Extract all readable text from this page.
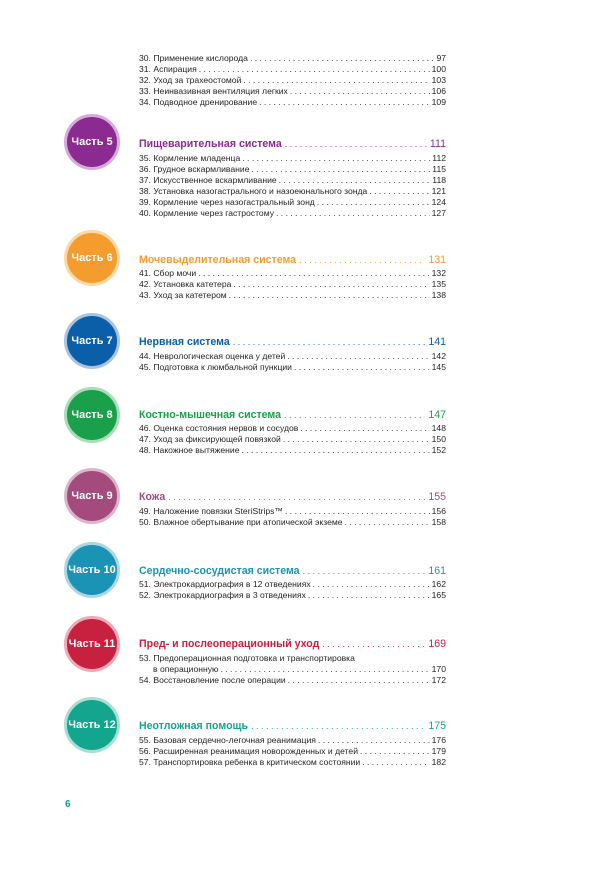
30. Применение кислорода . . .	97
31. Аспирация . . .	100
32. Уход за трахеостомой . . .	103
33. Неинвазивная вентиляция легких . . .	106
34. Подводное дренирование . . .	109
Часть 5 Пищеварительная система . . .	111
35. Кормление младенца . . .	112
36. Грудное вскармливание . . .	115
37. Искусственное вскармливание . . .	118
38. Установка назогастрального и назоеюнального зонда . . .	121
39. Кормление через назогастральный зонд . . .	124
40. Кормление через гастростому . . .	127
Часть 6 Мочевыделительная система . . .	131
41. Сбор мочи . . .	132
42. Установка катетера . . .	135
43. Уход за катетером . . .	138
Часть 7 Нервная система . . .	141
44. Неврологическая оценка у детей . . .	142
45. Подготовка к люмбальной пункции . . .	145
Часть 8 Костно-мышечная система . . .	147
46. Оценка состояния нервов и сосудов . . .	148
47. Уход за фиксирующей повязкой . . .	150
48. Накожное вытяжение . . .	152
Часть 9 Кожа . . .	155
49. Наложение повязки SteriStrips™ . . .	156
50. Влажное обертывание при атопической экземе . . .	158
Часть 10 Сердечно-сосудистая система . . .	161
51. Электрокардиография в 12 отведениях . . .	162
52. Электрокардиография в 3 отведениях . . .	165
Часть 11 Пред- и послеоперационный уход . . .	169
53. Предоперационная подготовка и транспортировка
в операционную . . .	170
54. Восстановление после операции . . .	172
Часть 12 Неотложная помощь . . .	175
55. Базовая сердечно-легочная реанимация . . .	176
56. Расширенная реанимация новорожденных и детей . . .	179
57. Транспортировка ребенка в критическом состоянии . . .	182
6
